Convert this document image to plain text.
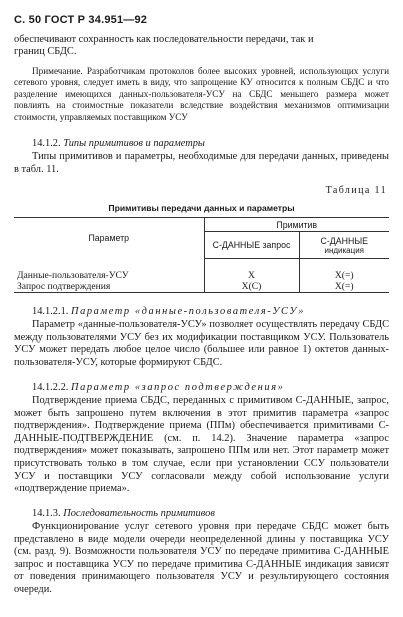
С. 50 ГОСТ Р 34.951—92
обеспечивают сохранность как последовательности передачи, так и
границ СБДС.
Примечание. Разработчикам протоколов более высоких уровней, использующих услуги сетевого уровня, следует иметь в виду, что запрощение КУ относится к полным СБДС и что разделение имеющихся данных-пользователя-УСУ на СБДС меньшего размера может повлиять на стоимостные показатели вследствие воздействия механизмов оптимизации стоимости, управляемых поставщиком УСУ
14.1.2. Типы примитивов и параметры
Типы примитивов и параметры, необходимые для передачи данных, приведены в табл. 11.
Таблица 11
Примитивы передачи данных и параметры
Параметр	Примитив	
	С-ДАННЫЕ запрос	С-ДАННЫЕ
индикация

Данные-пользователя-УСУ	Х	Х(=)
Запрос подтверждения	Х(С)	Х(=)
14.1.2.1. Параметр «данные-пользователя-УСУ»
Параметр «данные-пользователя-УСУ» позволяет осуществлять передачу СБДС между пользователями УСУ без их модификации поставщиком УСУ. Пользователь УСУ может передать любое целое число (большее или равное 1) октетов данных-пользователя-УСУ, которые формируют СБДС.
14.1.2.2. Параметр «запрос подтверждения»
Подтверждение приема СБДС, переданных с примитивом С-ДАННЫЕ, запрос, может быть запрошено путем включения в этот примитив параметра «запрос подтверждения». Подтверждение приема (ППм) обеспечивается примитивами С-ДАННЫЕ-ПОДТВЕРЖДЕНИЕ (см. п. 14.2). Значение параметра «запрос подтверждения» может показывать, запрошено ППм или нет. Этот параметр может присутствовать только в том случае, если при установлении ССУ пользователи УСУ и поставщики УСУ согласовали между собой использование услуги «подтверждение приема».
14.1.3. Последовательность примитивов
Функционирование услуг сетевого уровня при передаче СБДС может быть представлено в виде модели очереди неопределенной длины у поставщика УСУ (см. разд. 9). Возможности пользователя УСУ по передаче примитива С-ДАННЫЕ запрос и поставщика УСУ по передаче примитива С-ДАННЫЕ индикация зависят от поведения принимающего пользователя УСУ и результирующего состояния очереди.
